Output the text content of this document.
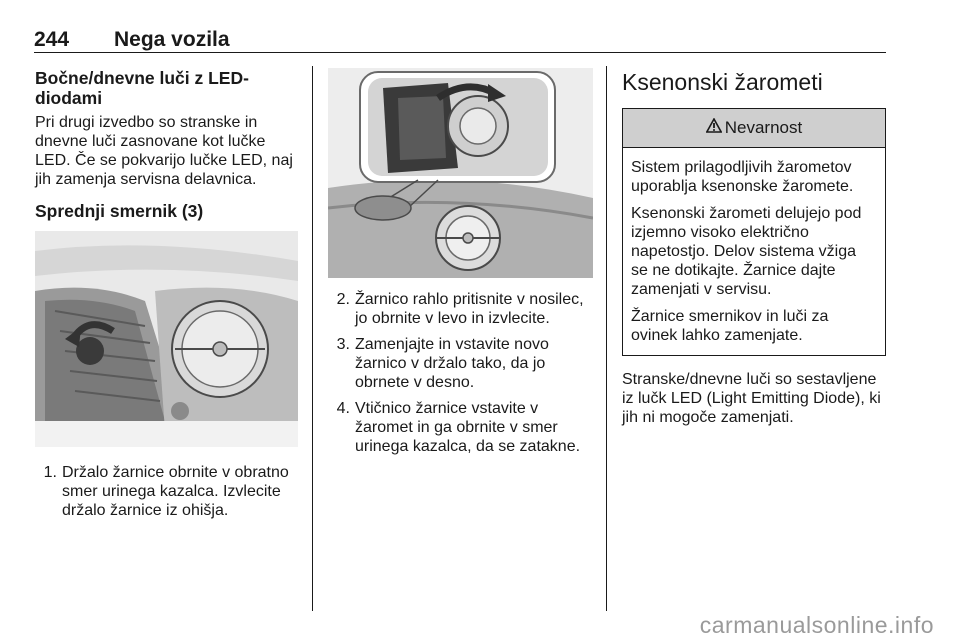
244 Nega vozila
Bočne/dnevne luči z LED-diodami

Pri drugi izvedbo so stranske in dnevne luči zasnovane kot lučke LED. Če se pokvarijo lučke LED, naj jih zamenja servisna delavnica.

Sprednji smernik (3)
1. Držalo žarnice obrnite v obratno smer urinega kazalca. Izvlecite držalo žarnice iz ohišja.
2. Žarnico rahlo pritisnite v nosilec, jo obrnite v levo in izvlecite.
3. Zamenjajte in vstavite novo žarnico v držalo tako, da jo obrnete v desno.
4. Vtičnico žarnice vstavite v žaromet in ga obrnite v smer urinega kazalca, da se zatakne.
Ksenonski žarometi
Nevarnost

Sistem prilagodljivih žarometov uporablja ksenonske žaromete.

Ksenonski žarometi delujejo pod izjemno visoko električno napetostjo. Delov sistema vžiga se ne dotikajte. Žarnice dajte zamenjati v servisu.

Žarnice smernikov in luči za ovinek lahko zamenjate.

Stranske/dnevne luči so sestavljene iz lučk LED (Light Emitting Diode), ki jih ni mogoče zamenjati.

carmanualsonline.info
